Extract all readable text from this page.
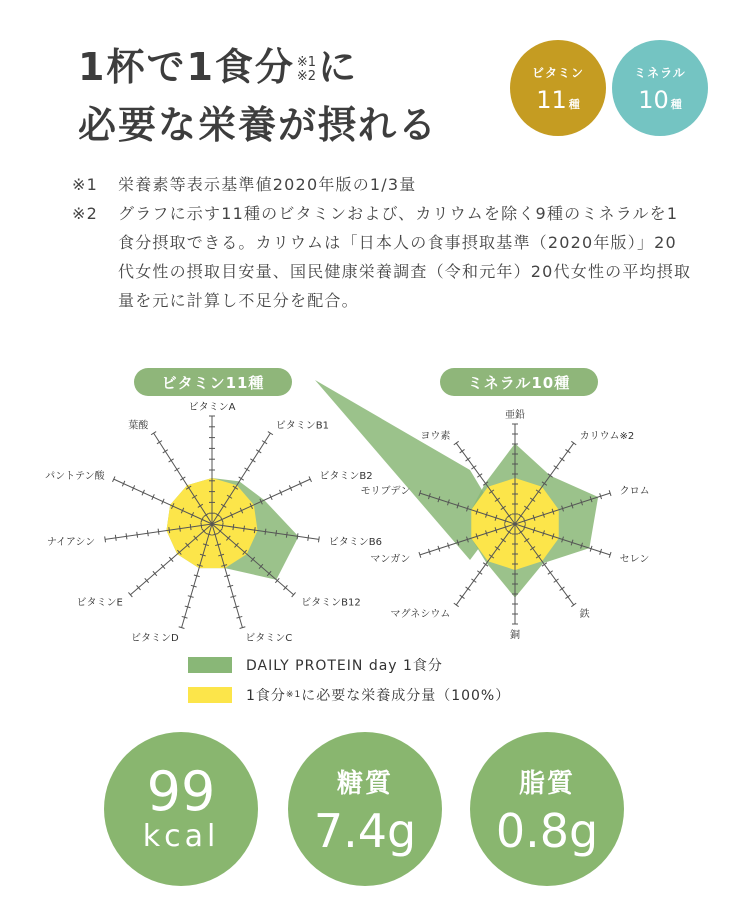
1杯で1食分 ※1
※2 に
必要な栄養が摂れる
ビタミン
11 種
ミネラル
10 種
※1	栄養素等表示基準値2020年版の1/3量
※2	グラフに示す11種のビタミンおよび、カリウムを除く9種のミネラルを1食分摂取できる。カリウムは「日本人の食事摂取基準（2020年版）」20代女性の摂取目安量、国民健康栄養調査（令和元年）20代女性の平均摂取量を元に計算し不足分を配合。
ビタミンA
ビタミンB1
ビタミンB2
ビタミンB6
ビタミンB12
ビタミンC
ビタミンD
ビタミンE
ナイアシン
パントテン酸
葉酸
亜鉛
カリウム※2
クロム
セレン
鉄
銅
マグネシウム
マンガン
モリブデン
ヨウ素
ビタミン11種	ミネラル10種
DAILY PROTEIN day 1食分
1食分 ※1 に必要な栄養成分量（100%）
99
kcal
糖質
7.4g
脂質
0.8g
